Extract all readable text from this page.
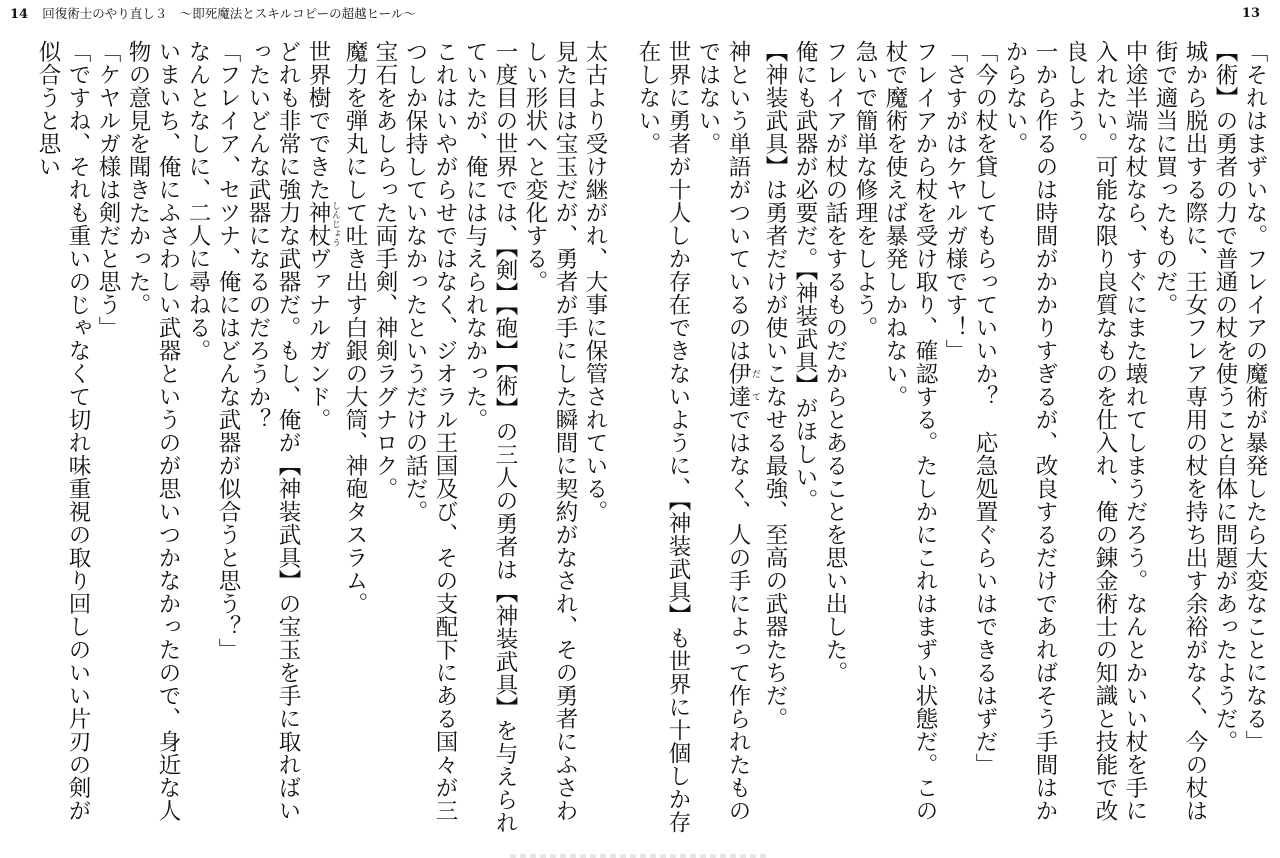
14 回復術士のやり直し３　～即死魔法とスキルコピーの超越ヒール～	13

「それはまずいな。フレイアの魔術が暴発したら大変なことになる」

【術】の勇者の力で普通の杖を使うこと自体に問題があったようだ。

城から脱出する際に、王女フレア専用の杖を持ち出す余裕がなく、今の杖は街で適当に買ったものだ。

中途半端な杖なら、すぐにまた壊れてしまうだろう。なんとかいい杖を手に入れたい。可能な限り良質なものを仕入れ、俺の錬金術士の知識と技能で改良しよう。

一から作るのは時間がかかりすぎるが、改良するだけであればそう手間はかからない。

「今の杖を貸してもらっていいか？　応急処置ぐらいはできるはずだ」

「さすがはケヤルガ様です！」

フレイアから杖を受け取り、確認する。たしかにこれはまずい状態だ。この杖で魔術を使えば暴発しかねない。

急いで簡単な修理をしよう。

フレイアが杖の話をするものだからとあることを思い出した。

俺にも武器が必要だ。【神装武具】がほしい。

【神装武具】は勇者だけが使いこなせる最強、至高の武器たちだ。

神という単語がついているのは伊達 だてではなく、人の手によって作られたものではない。

世界に勇者が十人しか存在できないように、【神装武具】も世界に十個しか存在しない。

太古より受け継がれ、大事に保管されている。

見た目は宝玉だが、勇者が手にした瞬間に契約がなされ、その勇者にふさわしい形状へと変化する。

一度目の世界では、【剣】【砲】【術】の三人の勇者は【神装武具】を与えられていたが、俺には与えられなかった。

これはいやがらせではなく、ジオラル王国及び、その支配下にある国々が三つしか保持していなかったというだけの話だ。

宝石をあしらった両手剣、神剣ラグナロク。

魔力を弾丸にして吐き出す白銀の大筒、神砲タスラム。

世界樹でできた神杖 しんじょうヴァナルガンド。

どれも非常に強力な武器だ。もし、俺が【神装武具】の宝玉を手に取ればいったいどんな武器になるのだろうか？

「フレイア、セツナ、俺にはどんな武器が似合うと思う？」

なんとなしに、二人に尋ねる。

いまいち、俺にふさわしい武器というのが思いつかなかったので、身近な人物の意見を聞きたかった。

「ケヤルガ様は剣だと思う」

「ですね、それも重いのじゃなくて切れ味重視の取り回しのいい片刃の剣が似合うと思い
